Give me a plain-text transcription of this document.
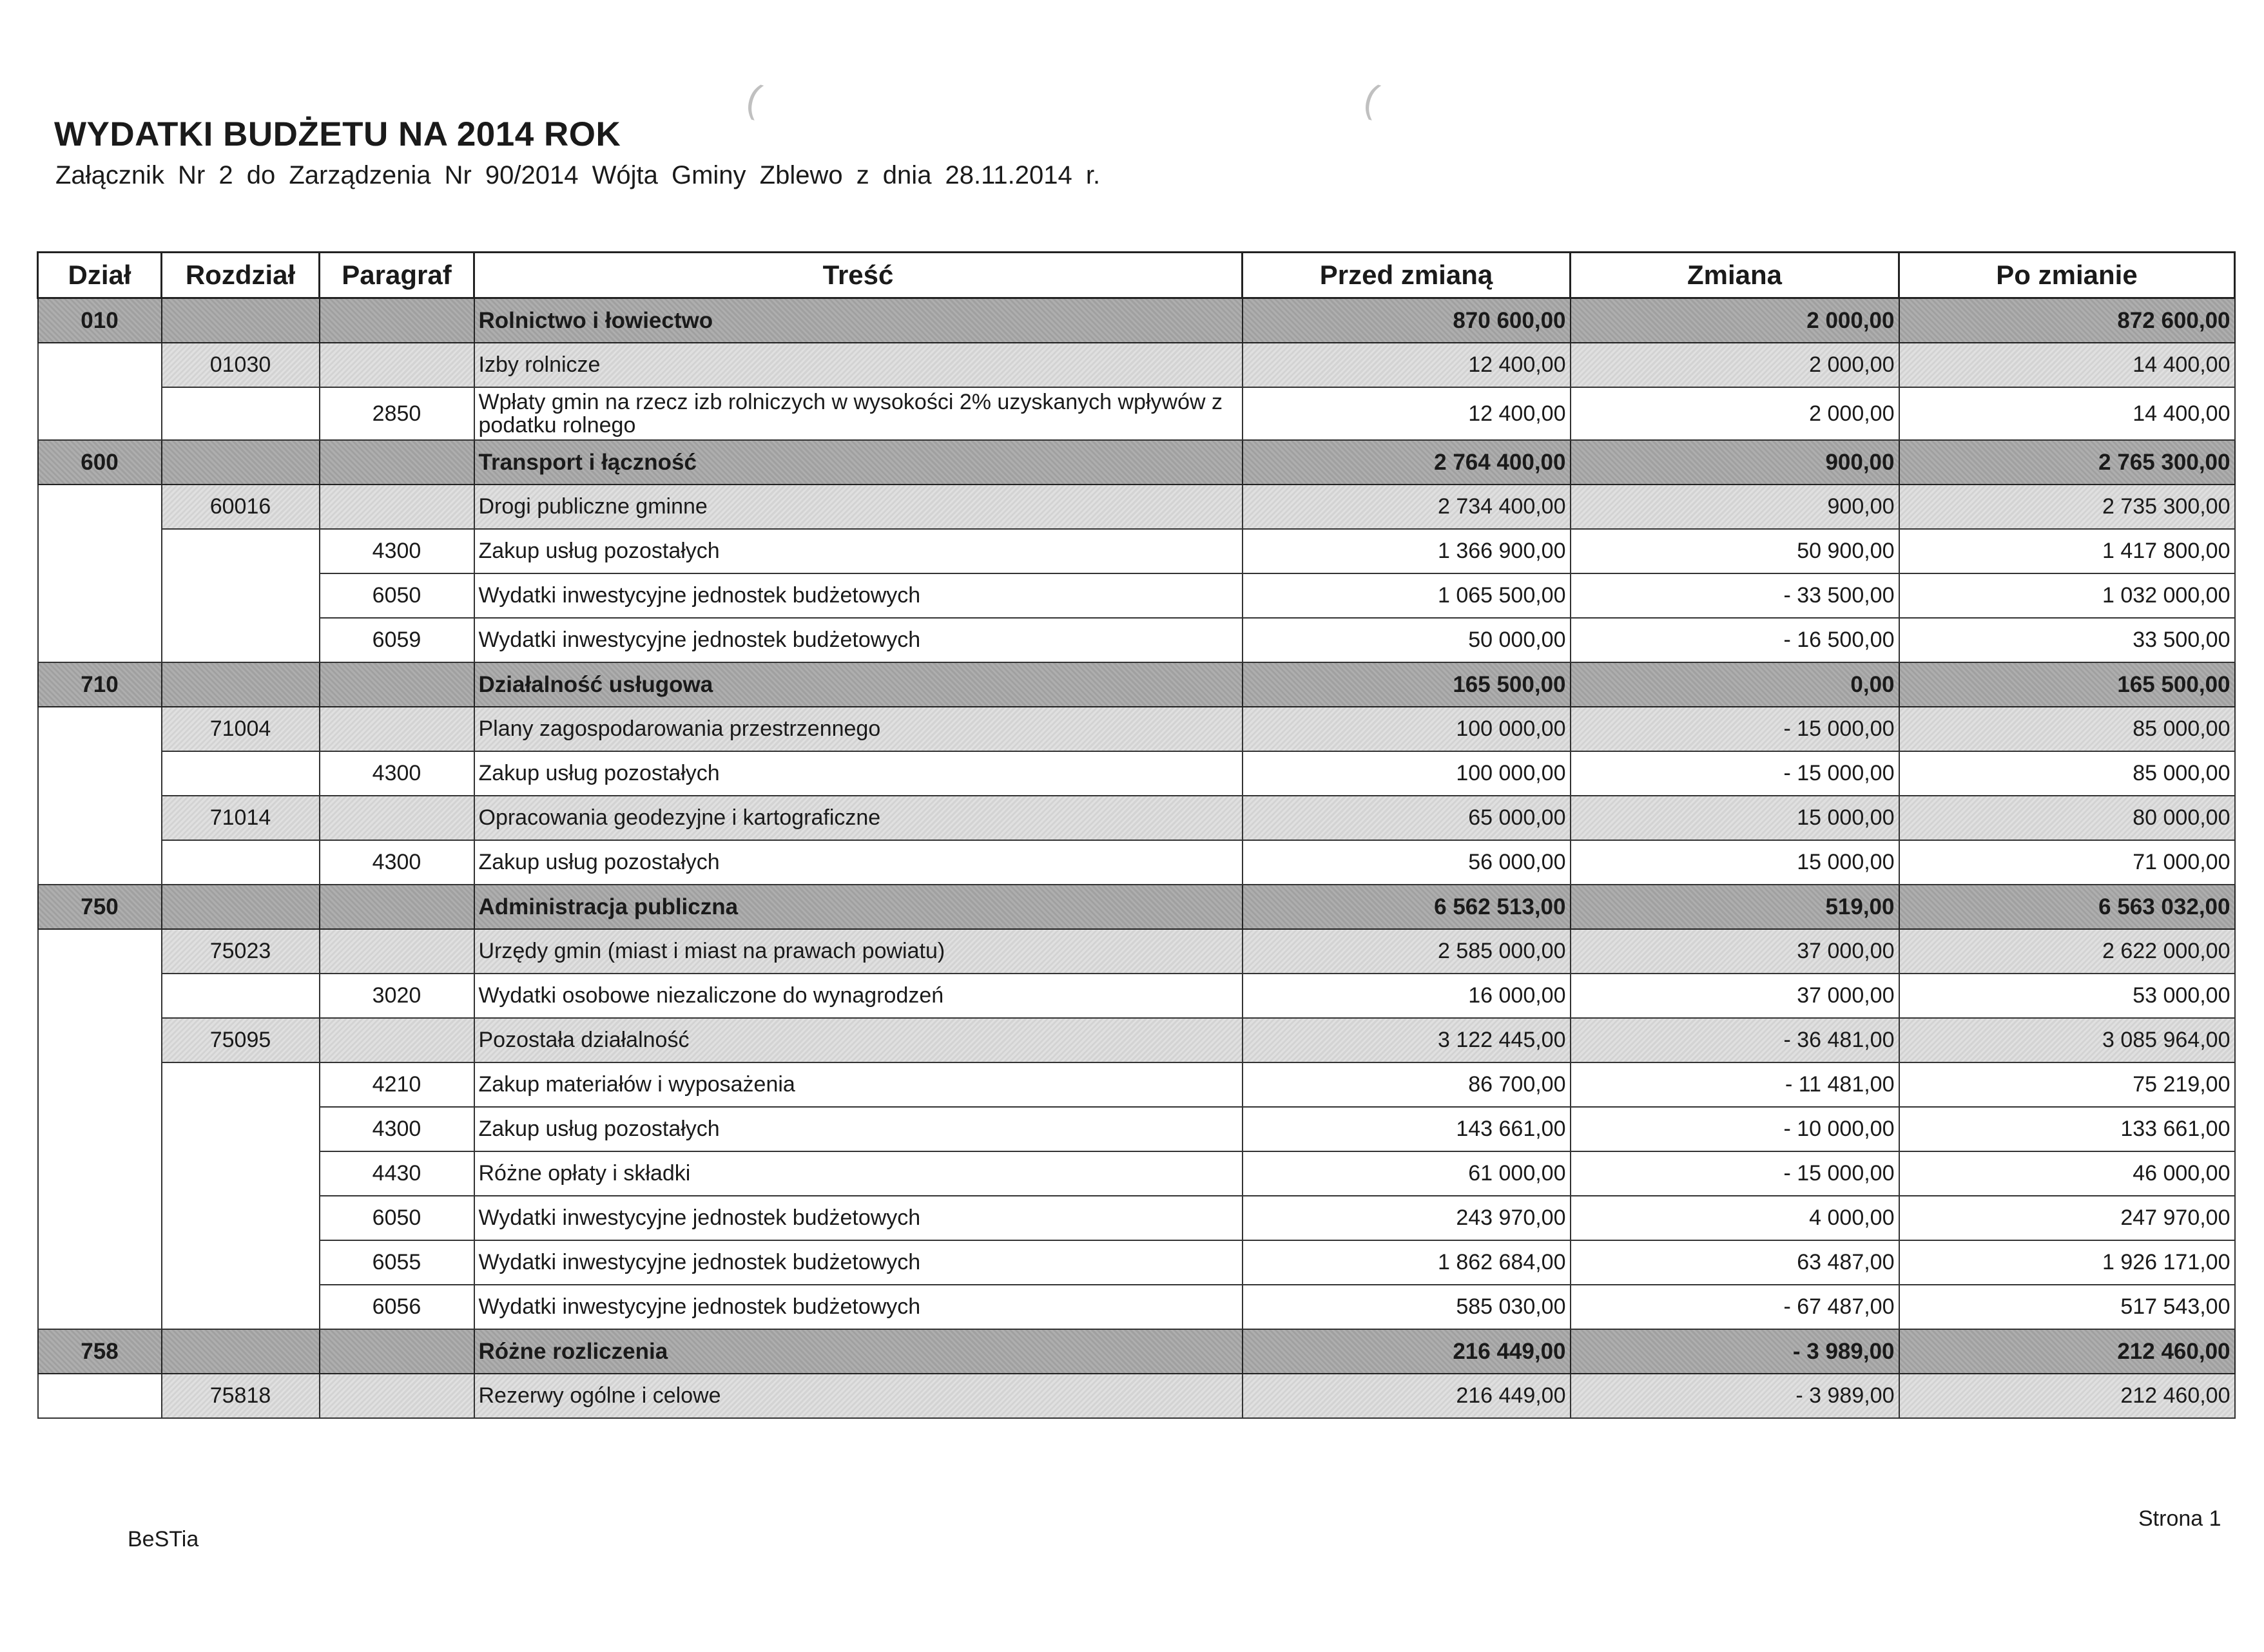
WYDATKI BUDŻETU NA 2014 ROK
Załącznik Nr 2 do Zarządzenia Nr 90/2014 Wójta Gminy Zblewo z dnia 28.11.2014 r.
(	(
Dział	Rozdział	Paragraf	Treść	Przed zmianą	Zmiana	Po zmianie
010			Rolnictwo i łowiectwo	870 600,00	2 000,00	872 600,00
	01030		Izby rolnicze	12 400,00	2 000,00	14 400,00
		2850	Wpłaty gmin na rzecz izb rolniczych w wysokości 2% uzyskanych wpływów z podatku rolnego	12 400,00	2 000,00	14 400,00
600			Transport i łączność	2 764 400,00	900,00	2 765 300,00
	60016		Drogi publiczne gminne	2 734 400,00	900,00	2 735 300,00
		4300	Zakup usług pozostałych	1 366 900,00	50 900,00	1 417 800,00
		6050	Wydatki inwestycyjne jednostek budżetowych	1 065 500,00	- 33 500,00	1 032 000,00
		6059	Wydatki inwestycyjne jednostek budżetowych	50 000,00	- 16 500,00	33 500,00
710			Działalność usługowa	165 500,00	0,00	165 500,00
	71004		Plany zagospodarowania przestrzennego	100 000,00	- 15 000,00	85 000,00
		4300	Zakup usług pozostałych	100 000,00	- 15 000,00	85 000,00
	71014		Opracowania geodezyjne i kartograficzne	65 000,00	15 000,00	80 000,00
		4300	Zakup usług pozostałych	56 000,00	15 000,00	71 000,00
750			Administracja publiczna	6 562 513,00	519,00	6 563 032,00
	75023		Urzędy gmin (miast i miast na prawach powiatu)	2 585 000,00	37 000,00	2 622 000,00
		3020	Wydatki osobowe niezaliczone do wynagrodzeń	16 000,00	37 000,00	53 000,00
	75095		Pozostała działalność	3 122 445,00	- 36 481,00	3 085 964,00
		4210	Zakup materiałów i wyposażenia	86 700,00	- 11 481,00	75 219,00
		4300	Zakup usług pozostałych	143 661,00	- 10 000,00	133 661,00
		4430	Różne opłaty i składki	61 000,00	- 15 000,00	46 000,00
		6050	Wydatki inwestycyjne jednostek budżetowych	243 970,00	4 000,00	247 970,00
		6055	Wydatki inwestycyjne jednostek budżetowych	1 862 684,00	63 487,00	1 926 171,00
		6056	Wydatki inwestycyjne jednostek budżetowych	585 030,00	- 67 487,00	517 543,00
758			Różne rozliczenia	216 449,00	- 3 989,00	212 460,00
	75818		Rezerwy ogólne i celowe	216 449,00	- 3 989,00	212 460,00
BeSTia
Strona 1
